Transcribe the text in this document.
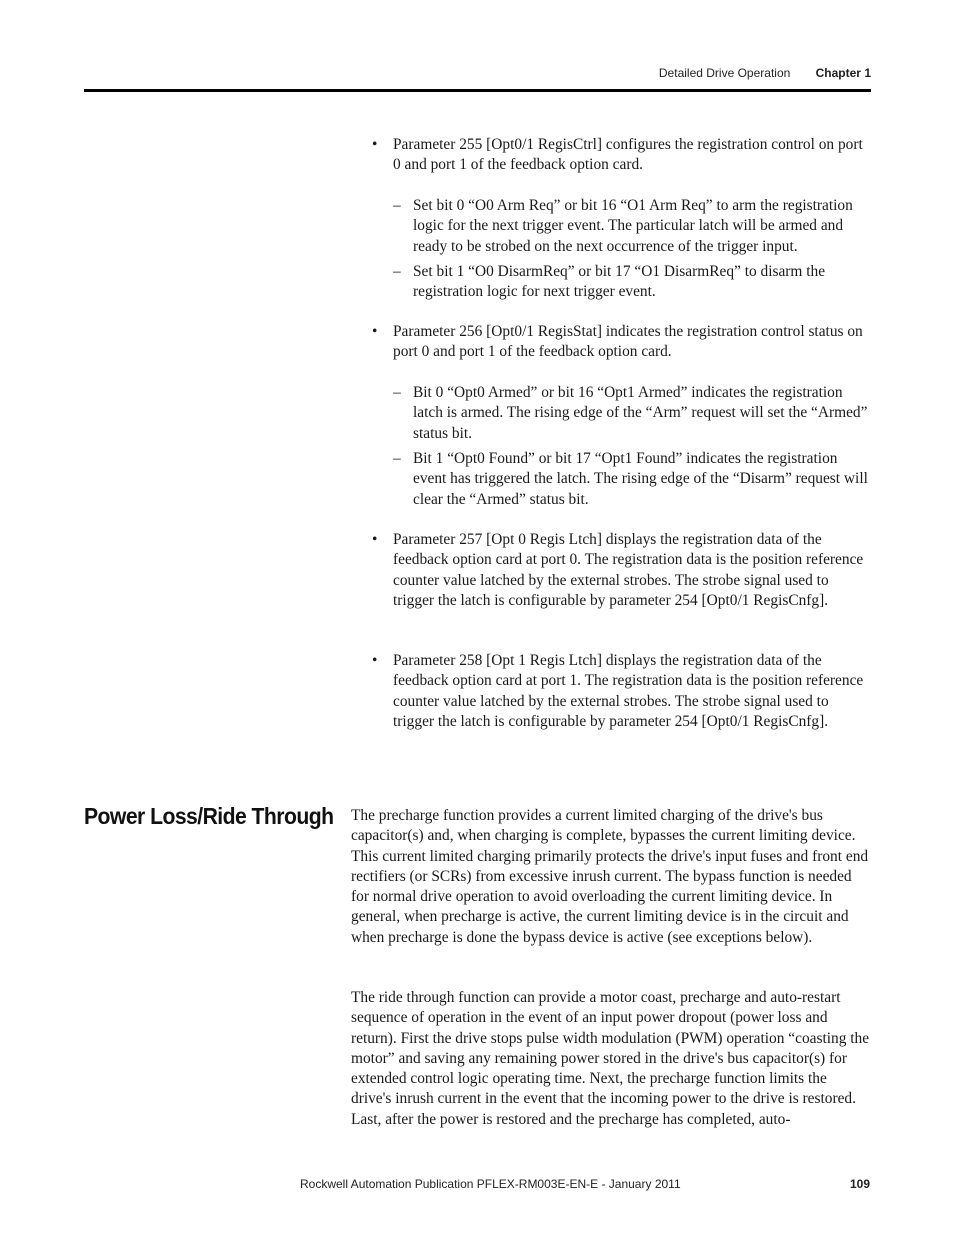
Detailed Drive Operation Chapter 1
• Parameter 255 [Opt0/1 RegisCtrl] configures the registration control on port 0 and port 1 of the feedback option card.
– Set bit 0 “O0 Arm Req” or bit 16 “O1 Arm Req” to arm the registration logic for the next trigger event. The particular latch will be armed and ready to be strobed on the next occurrence of the trigger input.
– Set bit 1 “O0 DisarmReq” or bit 17 “O1 DisarmReq” to disarm the registration logic for next trigger event.
• Parameter 256 [Opt0/1 RegisStat] indicates the registration control status on port 0 and port 1 of the feedback option card.
– Bit 0 “Opt0 Armed” or bit 16 “Opt1 Armed” indicates the registration latch is armed. The rising edge of the “Arm” request will set the “Armed” status bit.
– Bit 1 “Opt0 Found” or bit 17 “Opt1 Found” indicates the registration event has triggered the latch. The rising edge of the “Disarm” request will clear the “Armed” status bit.
• Parameter 257 [Opt 0 Regis Ltch] displays the registration data of the feedback option card at port 0. The registration data is the position reference counter value latched by the external strobes. The strobe signal used to trigger the latch is configurable by parameter 254 [Opt0/1 RegisCnfg].
• Parameter 258 [Opt 1 Regis Ltch] displays the registration data of the feedback option card at port 1. The registration data is the position reference counter value latched by the external strobes. The strobe signal used to trigger the latch is configurable by parameter 254 [Opt0/1 RegisCnfg].
Power Loss/Ride Through The precharge function provides a current limited charging of the drive's bus capacitor(s) and, when charging is complete, bypasses the current limiting device. This current limited charging primarily protects the drive's input fuses and front end rectifiers (or SCRs) from excessive inrush current. The bypass function is needed for normal drive operation to avoid overloading the current limiting device. In general, when precharge is active, the current limiting device is in the circuit and when precharge is done the bypass device is active (see exceptions below).
The ride through function can provide a motor coast, precharge and auto-restart sequence of operation in the event of an input power dropout (power loss and return). First the drive stops pulse width modulation (PWM) operation “coasting the motor” and saving any remaining power stored in the drive's bus capacitor(s) for extended control logic operating time. Next, the precharge function limits the drive's inrush current in the event that the incoming power to the drive is restored. Last, after the power is restored and the precharge has completed, auto-
Rockwell Automation Publication PFLEX-RM003E-EN-E - January 2011	109
